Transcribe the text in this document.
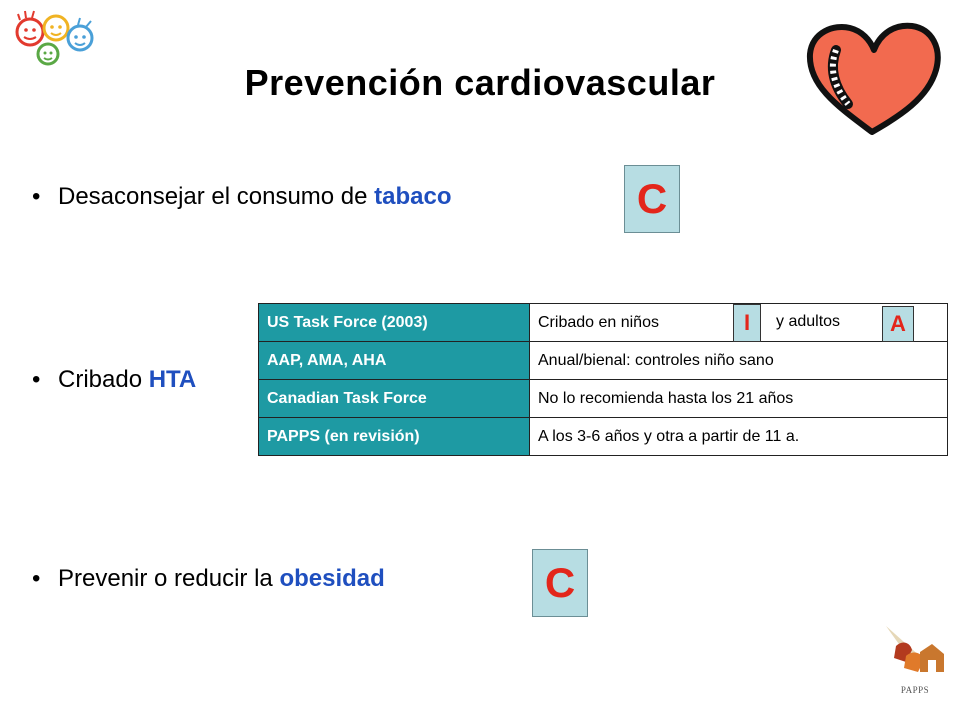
Prevención cardiovascular
• Desaconsejar el consumo de tabaco	C
• Cribado HTA
US Task Force (2003)	Cribado en niños y adultos

AAP, AMA, AHA	Anual/bienal: controles niño sano
Canadian Task Force	No lo recomienda hasta los 21 años
PAPPS (en revisión)	A los 3-6 años y otra a partir de 11 a.
I	A
• Prevenir o reducir la obesidad	C
PAPPS
